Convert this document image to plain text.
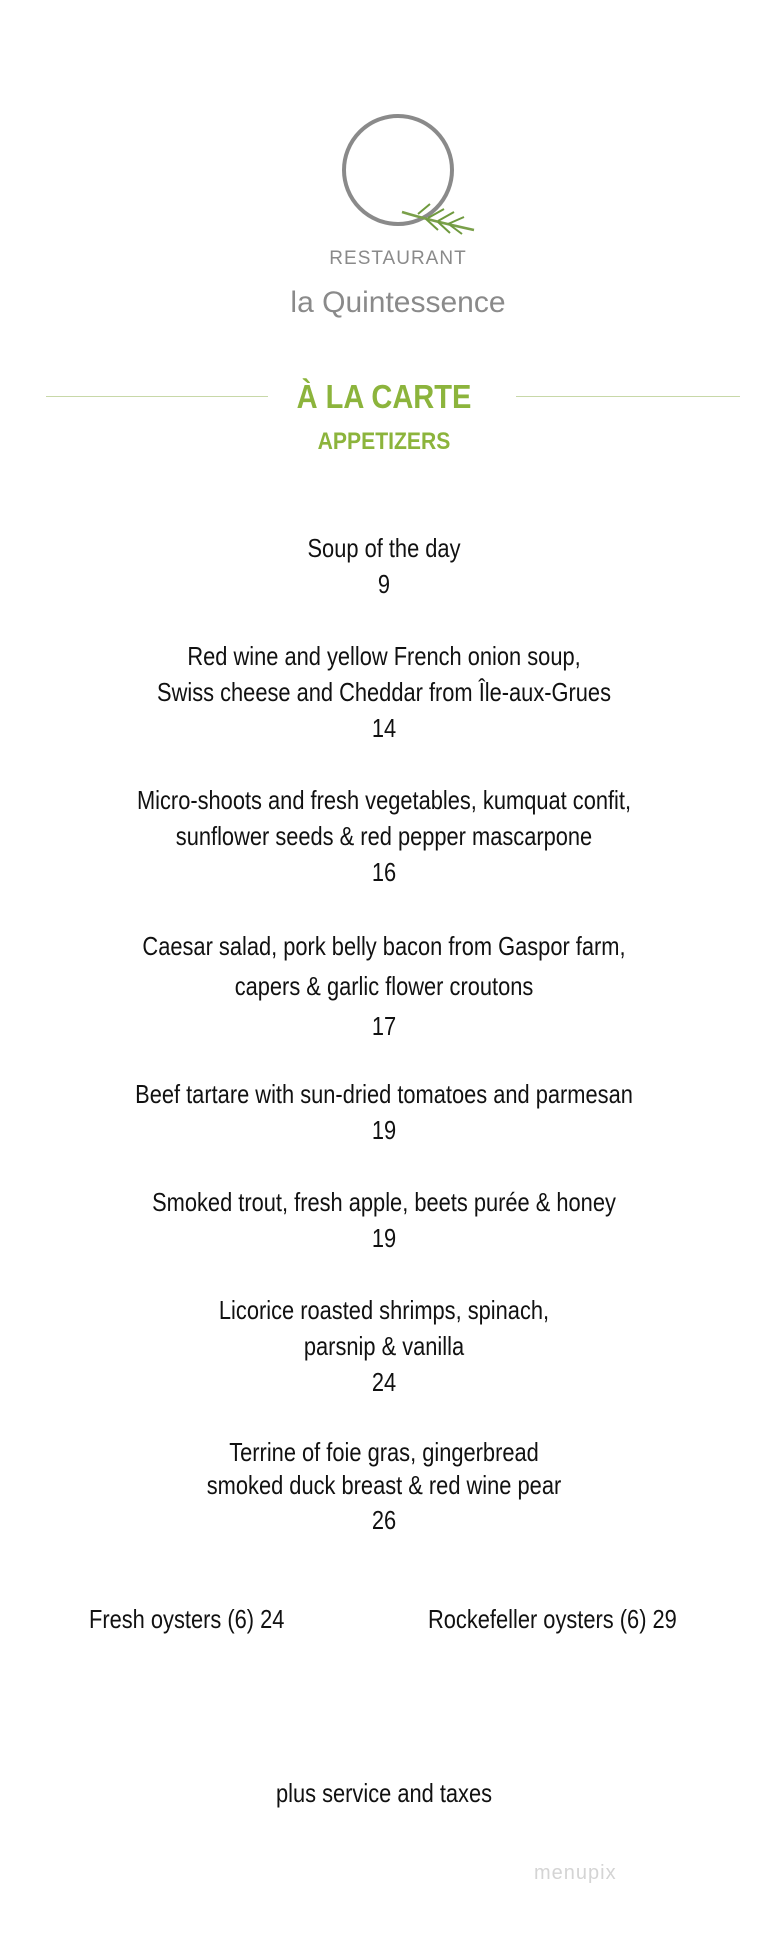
RESTAURANT
la Quintessence
À LA CARTE
APPETIZERS
Soup of the day
9
Red wine and yellow French onion soup,
Swiss cheese and Cheddar from Île-aux-Grues
14
Micro-shoots and fresh vegetables, kumquat confit,
sunflower seeds & red pepper mascarpone
16
Caesar salad, pork belly bacon from Gaspor farm,
capers & garlic flower croutons
17
Beef tartare with sun-dried tomatoes and parmesan
19
Smoked trout, fresh apple, beets purée & honey
19
Licorice roasted shrimps, spinach,
parsnip & vanilla
24
Terrine of foie gras, gingerbread
smoked duck breast & red wine pear
26
Fresh oysters (6) 24	Rockefeller oysters (6) 29
plus service and taxes
menupix
